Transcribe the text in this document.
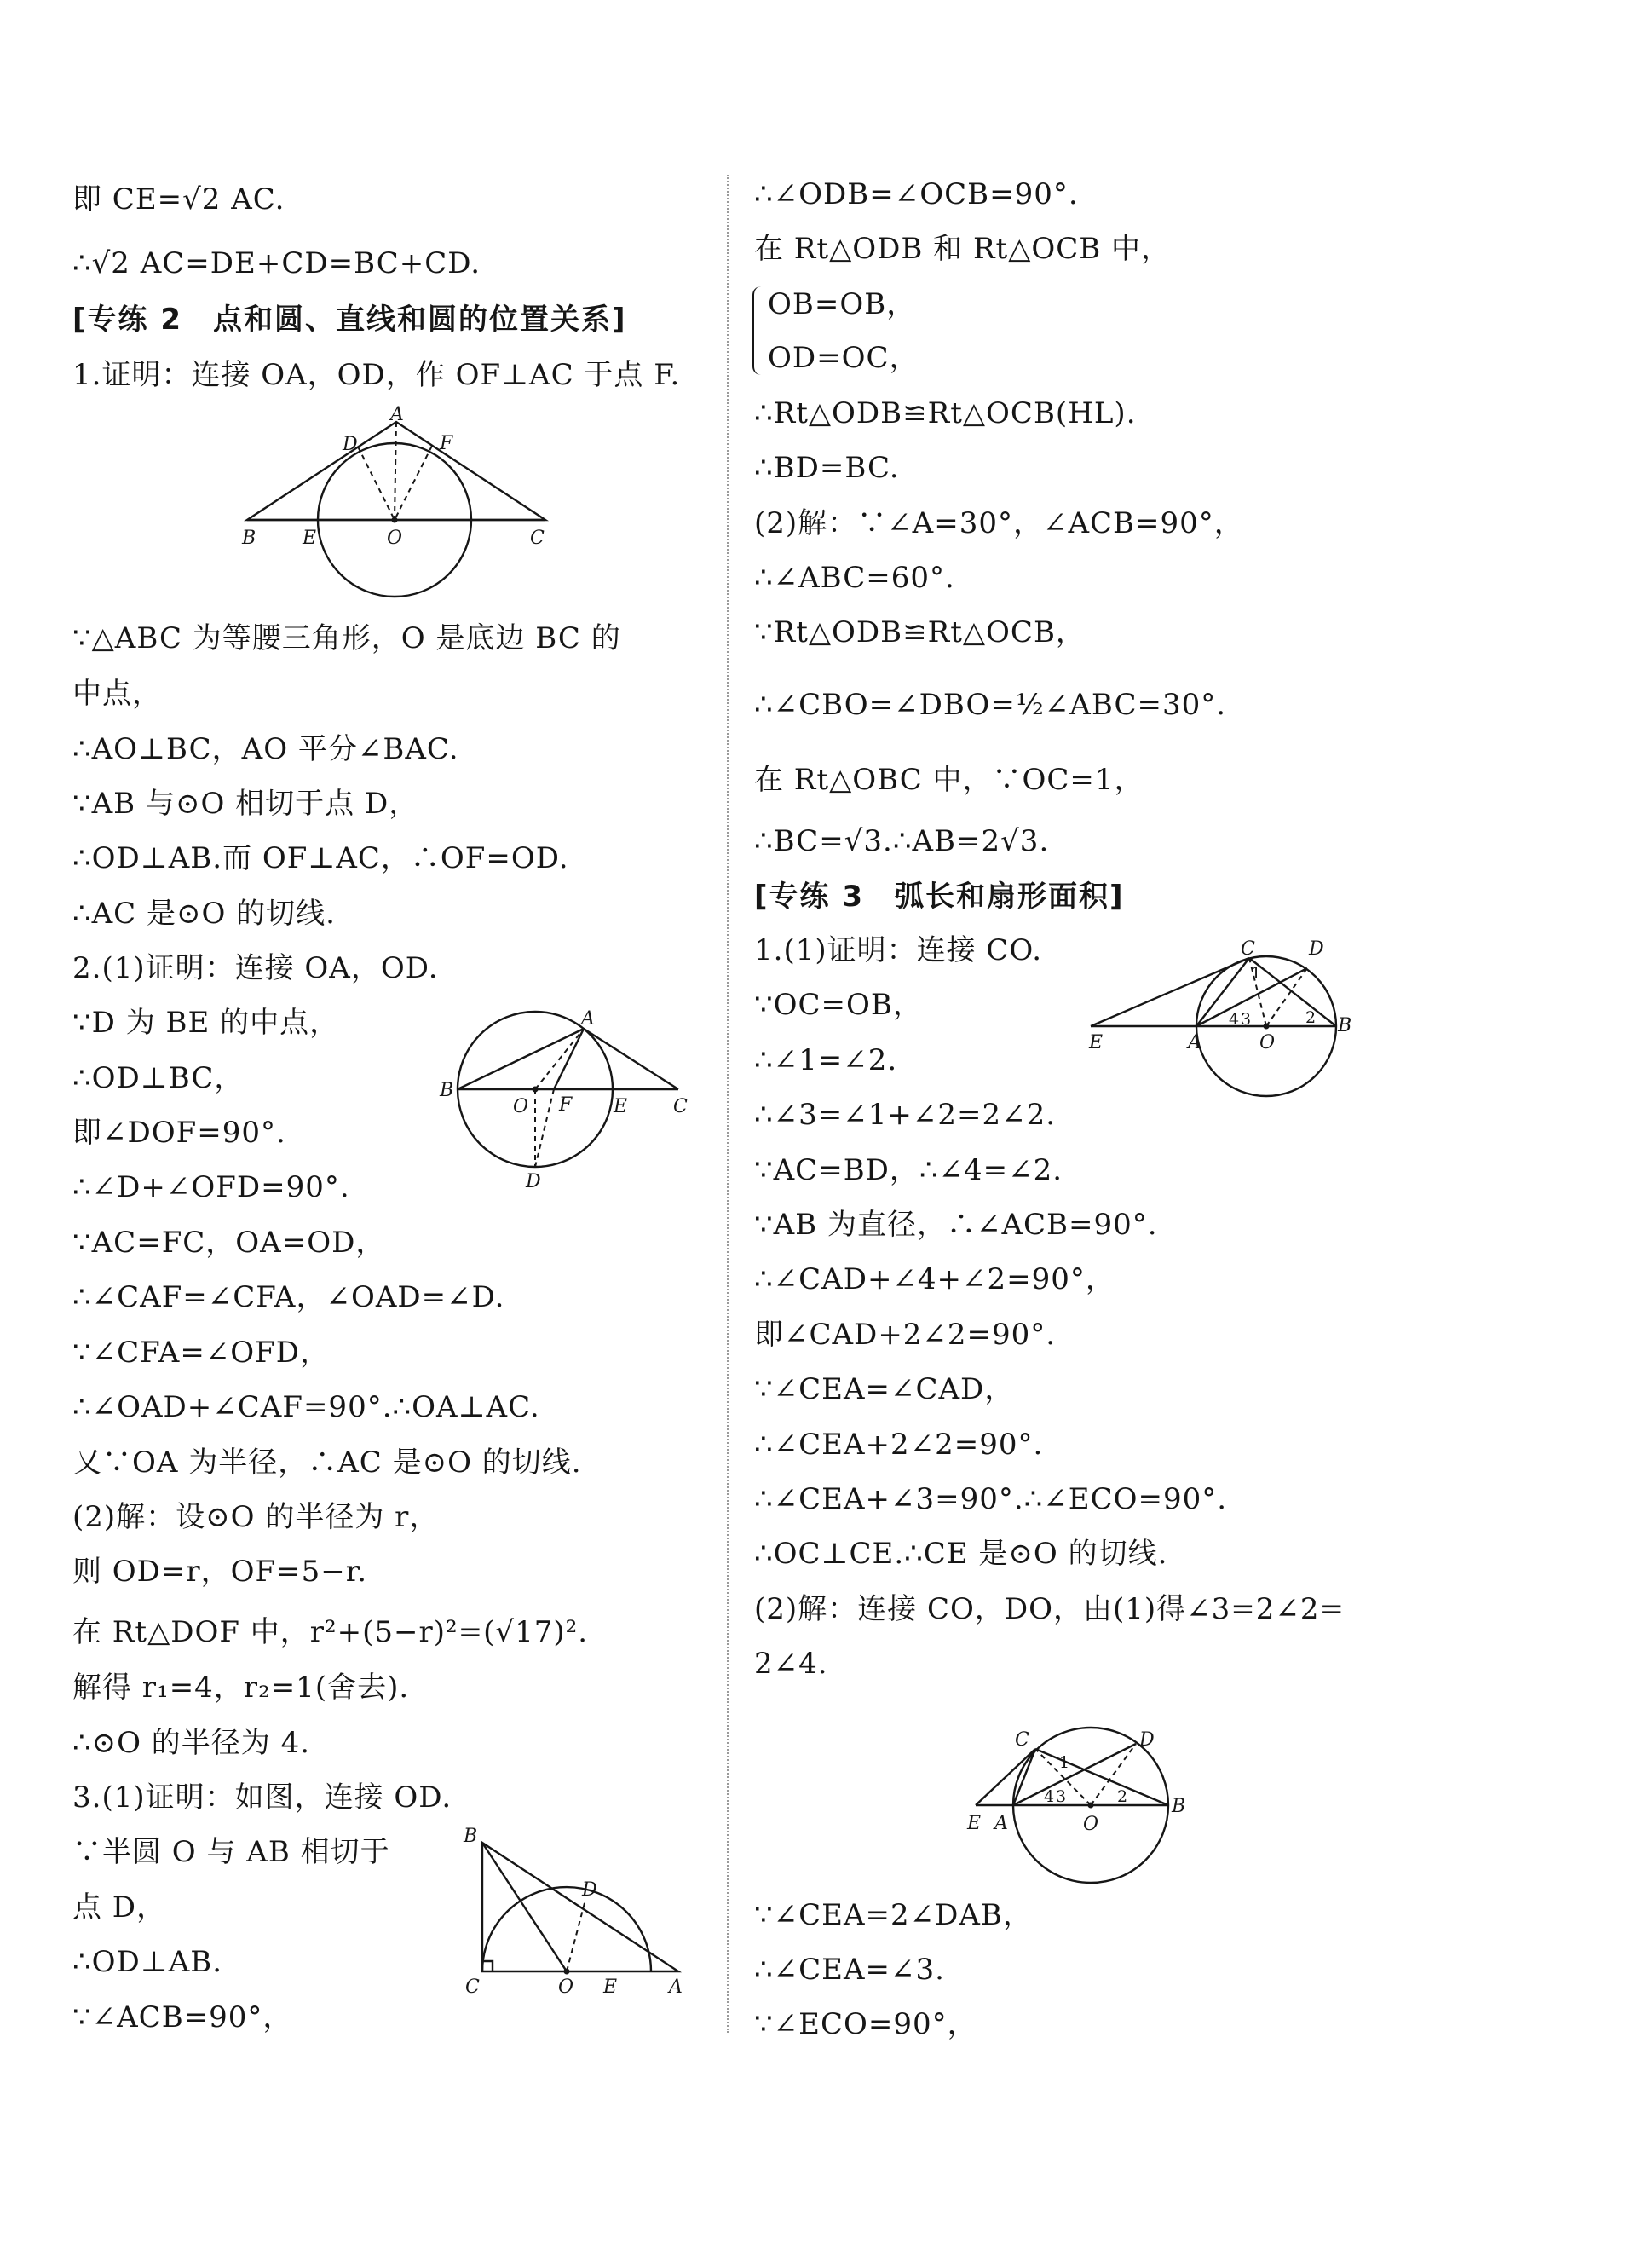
即 CE=√2 AC.
∴√2 AC=DE+CD=BC+CD.
[专练 2　点和圆、直线和圆的位置关系]
1.证明：连接 OA，OD，作 OF⊥AC 于点 F.
∵△ABC 为等腰三角形，O 是底边 BC 的
中点，
∴AO⊥BC，AO 平分∠BAC.
∵AB 与⊙O 相切于点 D，
∴OD⊥AB.而 OF⊥AC，∴OF=OD.
∴AC 是⊙O 的切线.
2.(1)证明：连接 OA，OD.
∵D 为 BE 的中点，
∴OD⊥BC，
即∠DOF=90°.
∴∠D+∠OFD=90°.
∵AC=FC，OA=OD，
∴∠CAF=∠CFA，∠OAD=∠D.
∵∠CFA=∠OFD，
∴∠OAD+∠CAF=90°.∴OA⊥AC.
又∵OA 为半径，∴AC 是⊙O 的切线.
(2)解：设⊙O 的半径为 r，
则 OD=r，OF=5−r.
在 Rt△DOF 中，r²+(5−r)²=(√17)².
解得 r₁=4，r₂=1(舍去).
∴⊙O 的半径为 4.
3.(1)证明：如图，连接 OD.
∵半圆 O 与 AB 相切于
点 D，
∴OD⊥AB.
∵∠ACB=90°，
∴∠ODB=∠OCB=90°.
在 Rt△ODB 和 Rt△OCB 中，
OB=OB，
OD=OC，
∴Rt△ODB≌Rt△OCB(HL).
∴BD=BC.
(2)解：∵∠A=30°，∠ACB=90°，
∴∠ABC=60°.
∵Rt△ODB≌Rt△OCB，
∴∠CBO=∠DBO=½∠ABC=30°.
在 Rt△OBC 中，∵OC=1，
∴BC=√3.∴AB=2√3.
[专练 3　弧长和扇形面积]
1.(1)证明：连接 CO.
∵OC=OB，
∴∠1=∠2.
∴∠3=∠1+∠2=2∠2.
∵AC=BD，∴∠4=∠2.
∵AB 为直径，∴∠ACB=90°.
∴∠CAD+∠4+∠2=90°，
即∠CAD+2∠2=90°.
∵∠CEA=∠CAD，
∴∠CEA+2∠2=90°.
∴∠CEA+∠3=90°.∴∠ECO=90°.
∴OC⊥CE.∴CE 是⊙O 的切线.
(2)解：连接 CO，DO，由(1)得∠3=2∠2=
2∠4.
∵∠CEA=2∠DAB，
∴∠CEA=∠3.
∵∠ECO=90°，
A
D	F
B E	O	C
A
B
O F E C
D
B
D
C	O E	A
C	D
E	A	O
B
4 3
1
2
C	D
E A	O
B
4 3
1
2
